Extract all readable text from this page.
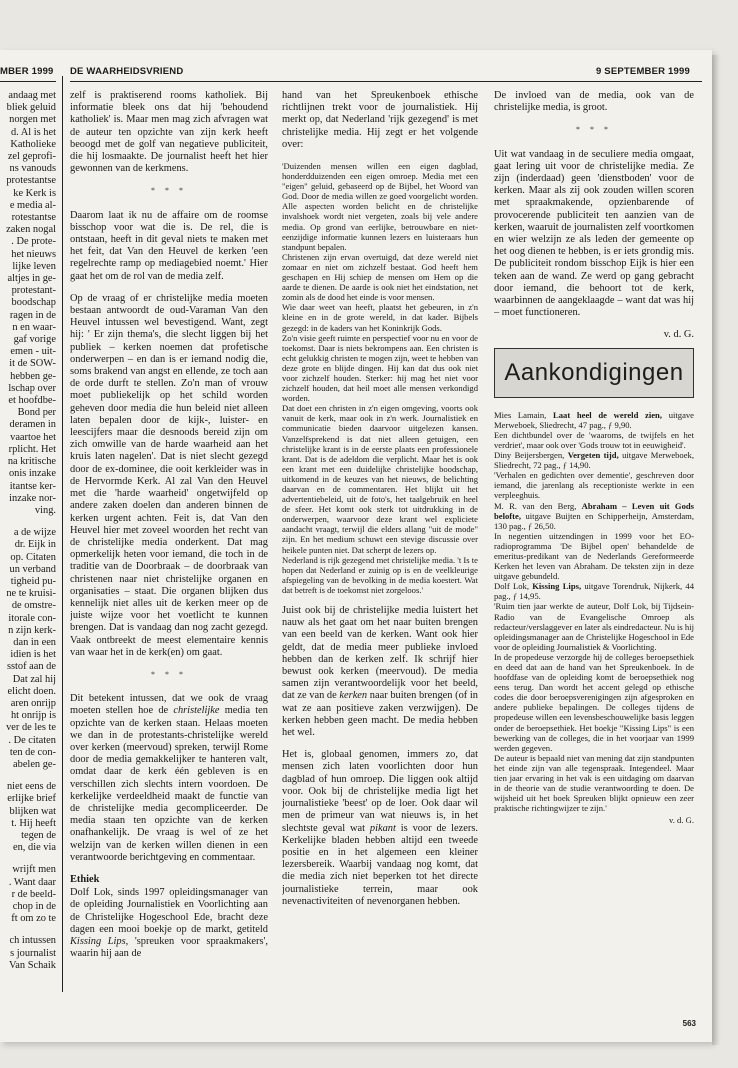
MBER 1999 DE WAARHEIDSVRIEND	9 SEPTEMBER 1999
andaag met
bliek geluid
norgen met
d. Al is het
Katholieke
zel geprofi-
ns vanouds
protestantse
ke Kerk is
e media al-
rotestantse
zaken nogal
. De prote-
het nieuws
lijke leven
altjes in ge-
protestant-
boodschap
ragen in de
n en waar-
gaf vorige
emen - uit-
it de SOW-
hebben ge-
lschap over
et hoofdbe-
Bond per
deramen in
vaartoe het
rplicht. Het
na kritische
onis inzake
itantse ker-
inzake nor-
ving.
a de wijze
dr. Eijk in
op. Citaten
un verband
tigheid pu-
ne te kruisi-
de omstre-
itorale con-
n zijn kerk-
dan in een
idien is het
sstof aan de
Dat zal hij
elicht doen.
aren onrijp
ht onrijp is
ver de les te
. De citaten
ten de con-
abelen ge-
niet eens de
erlijke brief
blijken wat
t. Hij heeft
tegen de
en, die via
wrijft men
. Want daar
r de beeld-
chop in de
ft om zo te
ch intussen
s journalist
Van Schaik

zelf is praktiserend rooms katholiek. Bij informatie bleek ons dat hij 'behoudend katholiek' is. Maar men mag zich afvragen wat de auteur ten opzichte van zijn kerk heeft beoogd met de golf van negatieve publiciteit, die hij losmaakte. De journalist heeft het hier gewonnen van de kerkmens.

* * *

Daarom laat ik nu de affaire om de roomse bisschop voor wat die is. De rel, die is ontstaan, heeft in dit geval niets te maken met het feit, dat Van den Heuvel de kerken 'een regelrechte ramp op mediagebied noemt.' Hier gaat het om de rol van de media zelf.

Op de vraag of er christelijke media moeten bestaan antwoordt de oud-Varaman Van den Heuvel intussen wel bevestigend. Want, zegt hij: ' Er zijn thema's, die slecht liggen bij het publiek – kerken noemen dat profetische onderwerpen – en dan is er iemand nodig die, soms brakend van angst en ellende, ze toch aan de orde durft te stellen. Zo'n man of vrouw moet publiekelijk op het schild worden geheven door media die hun beleid niet alleen laten bepalen door de kijk-, luister- en leescijfers maar die desnoods bereid zijn om zich omwille van de harde waarheid aan het kruis laten nagelen'. Dat is niet slecht gezegd door de ex-dominee, die ooit kerkleider was in de Hervormde Kerk. Al zal Van den Heuvel met die 'harde waarheid' ongetwijfeld op andere zaken doelen dan anderen binnen de kerken urgent achten. Feit is, dat Van den Heuvel hier met zoveel woorden het recht van de christelijke media onderkent. Dat mag opmerkelijk heten voor iemand, die toch in de traditie van de Doorbraak – de doorbraak van christenen naar niet christelijke organen en organisaties – staat. Die organen blijken dus kennelijk niet alles uit de kerken meer op de juiste wijze voor het voetlicht te kunnen brengen. Dat is vandaag dan nog zacht gezegd. Vaak ontbreekt de meest elementaire kennis van waar het in de kerk(en) om gaat.

* * *

Dit betekent intussen, dat we ook de vraag moeten stellen hoe de christelijke media ten opzichte van de kerken staan. Helaas moeten we dan in de protestants-christelijke wereld over kerken (meervoud) spreken, terwijl Rome door de media gemakkelijker te hanteren valt, omdat daar de kerk één gebleven is en verschillen zich slechts intern voordoen. De kerkelijke verdeeldheid maakt de functie van de christelijke media gecompliceerder. De media staan ten opzichte van de kerken onafhankelijk. De vraag is wel of ze het welzijn van de kerken willen dienen in een verantwoorde berichtgeving en commentaar.

Ethiek

Dolf Lok, sinds 1997 opleidingsmanager van de opleiding Journalistiek en Voorlichting aan de Christelijke Hogeschool Ede, bracht deze dagen een mooi boekje op de markt, getiteld Kissing Lips, 'spreuken voor spraakmakers', waarin hij aan de

hand van het Spreukenboek ethische richtlijnen trekt voor de journalistiek. Hij merkt op, dat Nederland 'rijk gezegend' is met christelijke media. Hij zegt er het volgende over:

'Duizenden mensen willen een eigen dagblad, honderdduizenden een eigen omroep. Media met een "eigen" geluid, gebaseerd op de Bijbel, het Woord van God. Door de media willen ze goed voorgelicht worden. Alle aspecten worden belicht en de christelijke invalshoek wordt niet vergeten, zoals bij vele andere media. Op grond van eerlijke, betrouwbare en niet-eenzijdige informatie kunnen lezers en luisteraars hun standpunt bepalen.

Christenen zijn ervan overtuigd, dat deze wereld niet zomaar en niet om zichzelf bestaat. God heeft hem geschapen en Hij schiep de mensen om Hem op die aarde te dienen. De aarde is ook niet het eindstation, net zomin als de dood het einde is voor mensen.

Wie daar weet van heeft, plaatst het gebeuren, in z'n kleine en in de grote wereld, in dat kader. Bijbels gezegd: in de kaders van het Koninkrijk Gods.

Zo'n visie geeft ruimte en perspectief voor nu en voor de toekomst. Daar is niets bekrompens aan. Een christen is echt gelukkig christen te mogen zijn, weet te hebben van deze grote en blijde dingen. Hij kan dat dus ook niet voor zichzelf houden. Sterker: hij mag het niet voor zichzelf houden, dat heil moet alle mensen verkondigd worden.

Dat doet een christen in z'n eigen omgeving, voorts ook vanuit de kerk, maar ook in z'n werk. Journalistiek en communicatie bieden daarvoor uitgelezen kansen. Vanzelfsprekend is dat niet alleen getuigen, een christelijke krant is in de eerste plaats een professionele krant. Dat is de adeldom die verplicht. Maar het is ook een krant met een duidelijke christelijke boodschap, uitkomend in de keuzes van het nieuws, de belichting daarvan en de commentaren. Het blijkt uit het advertentiebeleid, uit de foto's, het taalgebruik en heel de sfeer. Het komt ook sterk tot uitdrukking in de onderwerpen, waarvoor deze krant wel expliciete aandacht vraagt, terwijl die elders allang "uit de mode" zijn. En het medium schuwt een stevige discussie over heikele punten niet. Dat scherpt de lezers op.

Nederland is rijk gezegend met christelijke media. 't Is te hopen dat Nederland er zuinig op is en de veelkleurige afspiegeling van de bevolking in de media koestert. Wat dat betreft is de toekomst niet zorgeloos.'

Juist ook bij de christelijke media luistert het nauw als het gaat om het naar buiten brengen van een beeld van de kerken. Want ook hier geldt, dat de media meer publieke invloed hebben dan de kerken zelf. Ik schrijf hier bewust ook kerken (meervoud). De media samen zijn verantwoordelijk voor het beeld, dat ze van de kerken naar buiten brengen (of in wat ze aan positieve zaken verzwijgen). De kerken hebben geen macht. De media hebben het wel.

Het is, globaal genomen, immers zo, dat mensen zich laten voorlichten door hun dagblad of hun omroep. Die liggen ook altijd voor. Ook bij de christelijke media ligt het journalistieke 'beest' op de loer. Ook daar wil men de primeur van wat nieuws is, in het slechtste geval wat pikant is voor de lezers. Kerkelijke bladen hebben altijd een tweede positie en in het algemeen een kleiner lezersbereik. Waarbij vandaag nog komt, dat die media zich niet beperken tot het directe journalistieke terrein, maar ook nevenactiviteiten of nevenorganen hebben.

De invloed van de media, ook van de christelijke media, is groot.

* * *

Uit wat vandaag in de seculiere media omgaat, gaat lering uit voor de christelijke media. Ze zijn (inderdaad) geen 'dienstboden' voor de kerken. Maar als zij ook zouden willen scoren met spraakmakende, opzienbarende of provocerende publiciteit ten aanzien van de kerken, waaruit de journalisten zelf voortkomen en wier welzijn ze als leden der gemeente op het oog dienen te hebben, is er iets grondig mis. De publiciteit rondom bisschop Eijk is hier een teken aan de wand. Ze werd op gang gebracht door iemand, die behoort tot de kerk, waarbinnen de aangeklaagde – want dat was hij – moet functioneren.

v. d. G.
Aankondigingen

Mies Lamain, Laat heel de wereld zien, uitgave Merweboek, Sliedrecht, 47 pag., ƒ 9,90.

Een dichtbundel over de 'waaroms, de twijfels en het verdriet', maar ook over 'Gods trouw tot in eeuwigheid'.

Diny Beijersbergen, Vergeten tijd, uitgave Merweboek, Sliedrecht, 72 pag., ƒ 14,90.

'Verhalen en gedichten over dementie', geschreven door iemand, die jarenlang als receptioniste werkte in een verpleeghuis.

M. R. van den Berg, Abraham – Leven uit Gods belofte, uitgave Buijten en Schipperheijn, Amsterdam, 130 pag., ƒ 26,50.

In negentien uitzendingen in 1999 voor het EO-radioprogramma 'De Bijbel open' behandelde de emeritus-predikant van de Nederlands Gereformeerde Kerken het leven van Abraham. De teksten zijn in deze uitgave gebundeld.

Dolf Lok, Kissing Lips, uitgave Torendruk, Nijkerk, 44 pag., ƒ 14,95.

'Ruim tien jaar werkte de auteur, Dolf Lok, bij Tijdsein-Radio van de Evangelische Omroep als redacteur/verslaggever en later als eindredacteur. Nu is hij opleidingsmanager aan de Christelijke Hogeschool in Ede voor de opleiding Journalistiek & Voorlichting.

In de propedeuse verzorgde hij de colleges beroepsethiek en deed dat aan de hand van het Spreukenboek. In de hoofdfase van de opleiding komt de beroepsethiek nog eens terug. Dan wordt het accent gelegd op ethische codes die door beroepsverenigingen zijn afgesproken en andere publieke bepalingen. De colleges tijdens de propedeuse willen een levensbeschouwelijke basis leggen onder de beroepsethiek. Het boekje "Kissing Lips" is een bewerking van de colleges, die in het voorjaar van 1999 werden gegeven.

De auteur is bepaald niet van mening dat zijn standpunten het einde zijn van alle tegenspraak. Integendeel. Maar tien jaar ervaring in het vak is een uitdaging om daarvan in de theorie van de studie verantwoording te doen. De wijsheid uit het boek Spreuken blijkt opnieuw een zeer praktische richtingwijzer te zijn.'

v. d. G.
563
